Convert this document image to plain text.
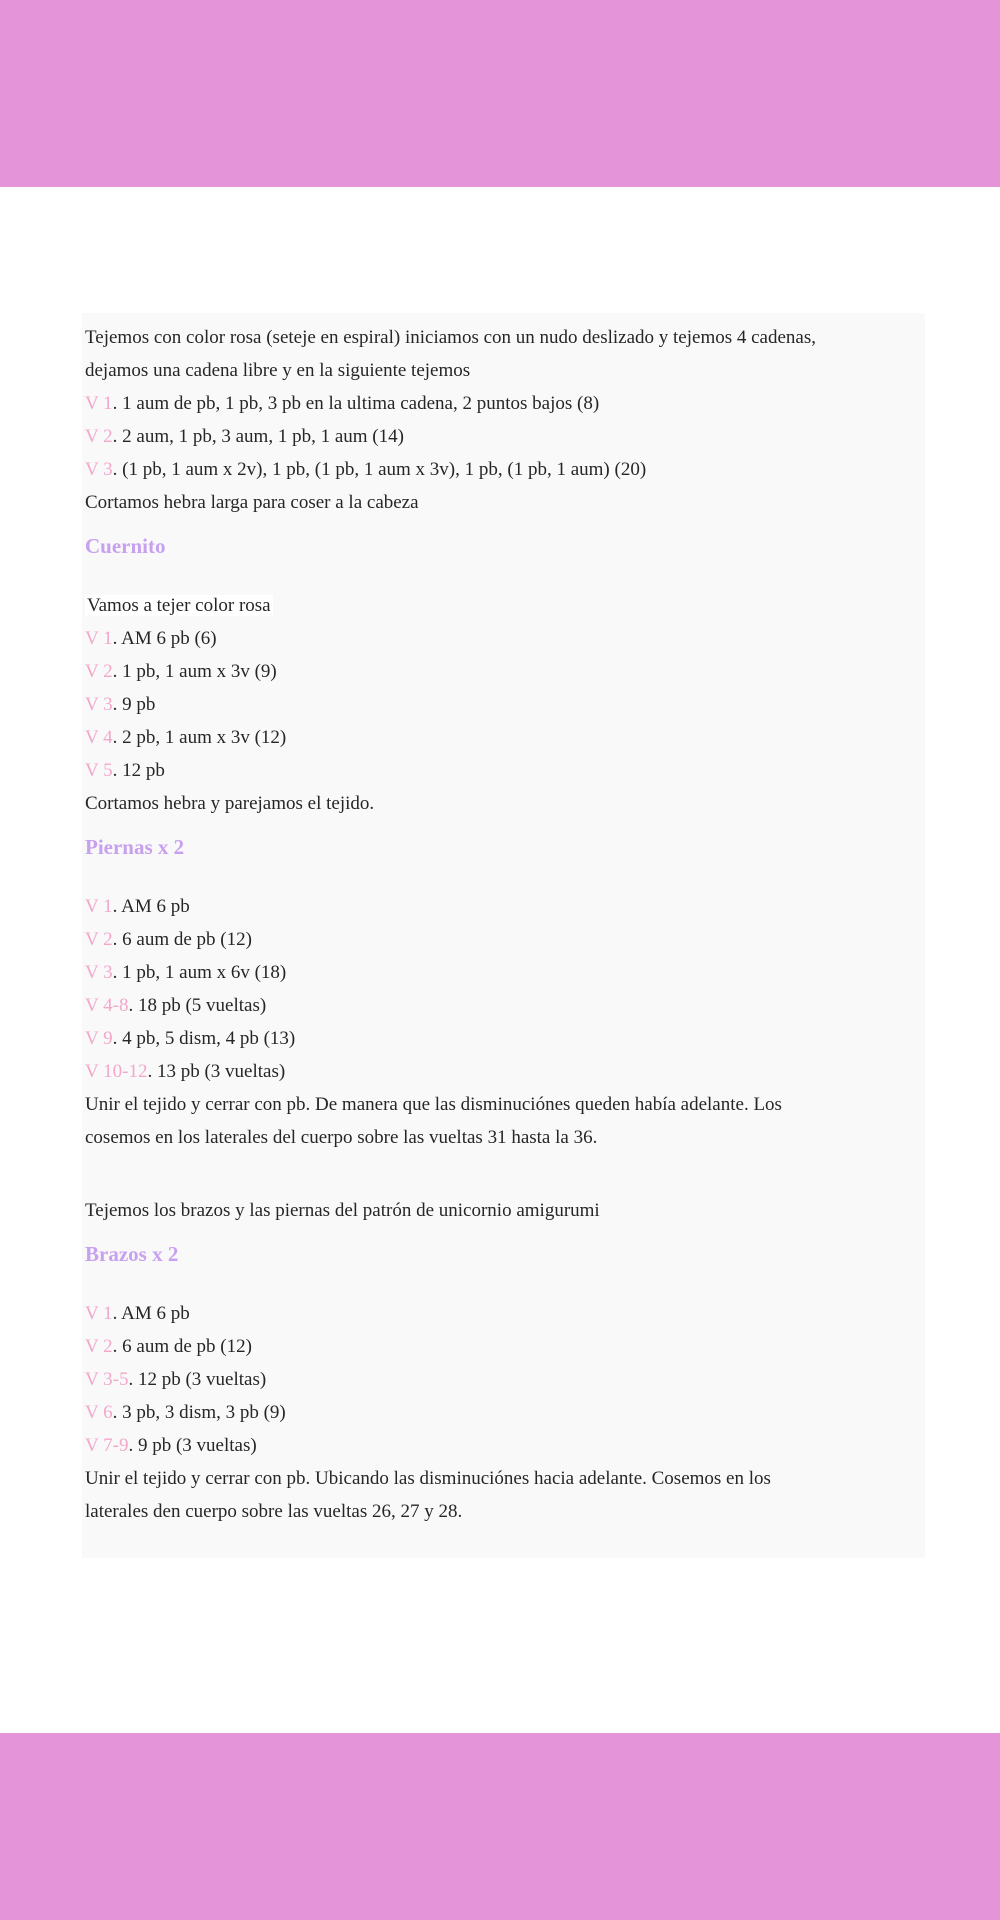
Tejemos con color rosa (seteje en espiral) iniciamos con un nudo deslizado y tejemos 4 cadenas,
dejamos una cadena libre y en la siguiente tejemos
V 1. 1 aum de pb, 1 pb, 3 pb en la ultima cadena, 2 puntos bajos (8)
V 2. 2 aum, 1 pb, 3 aum, 1 pb, 1 aum (14)
V 3. (1 pb, 1 aum x 2v), 1 pb, (1 pb, 1 aum x 3v), 1 pb, (1 pb, 1 aum) (20)
Cortamos hebra larga para coser a la cabeza
Cuernito
Vamos a tejer color rosa
V 1. AM 6 pb (6)
V 2. 1 pb, 1 aum x 3v (9)
V 3. 9 pb
V 4. 2 pb, 1 aum x 3v (12)
V 5. 12 pb
Cortamos hebra y parejamos el tejido.
Piernas x 2
V 1. AM 6 pb
V 2. 6 aum de pb (12)
V 3. 1 pb, 1 aum x 6v (18)
V 4-8. 18 pb (5 vueltas)
V 9. 4 pb, 5 dism, 4 pb (13)
V 10-12. 13 pb (3 vueltas)
Unir el tejido y cerrar con pb. De manera que las disminuciónes queden había adelante. Los
cosemos en los laterales del cuerpo sobre las vueltas 31 hasta la 36.
Tejemos los brazos y las piernas del patrón de unicornio amigurumi
Brazos x 2
V 1. AM 6 pb
V 2. 6 aum de pb (12)
V 3-5. 12 pb (3 vueltas)
V 6. 3 pb, 3 dism, 3 pb (9)
V 7-9. 9 pb (3 vueltas)
Unir el tejido y cerrar con pb. Ubicando las disminuciónes hacia adelante. Cosemos en los
laterales den cuerpo sobre las vueltas 26, 27 y 28.
